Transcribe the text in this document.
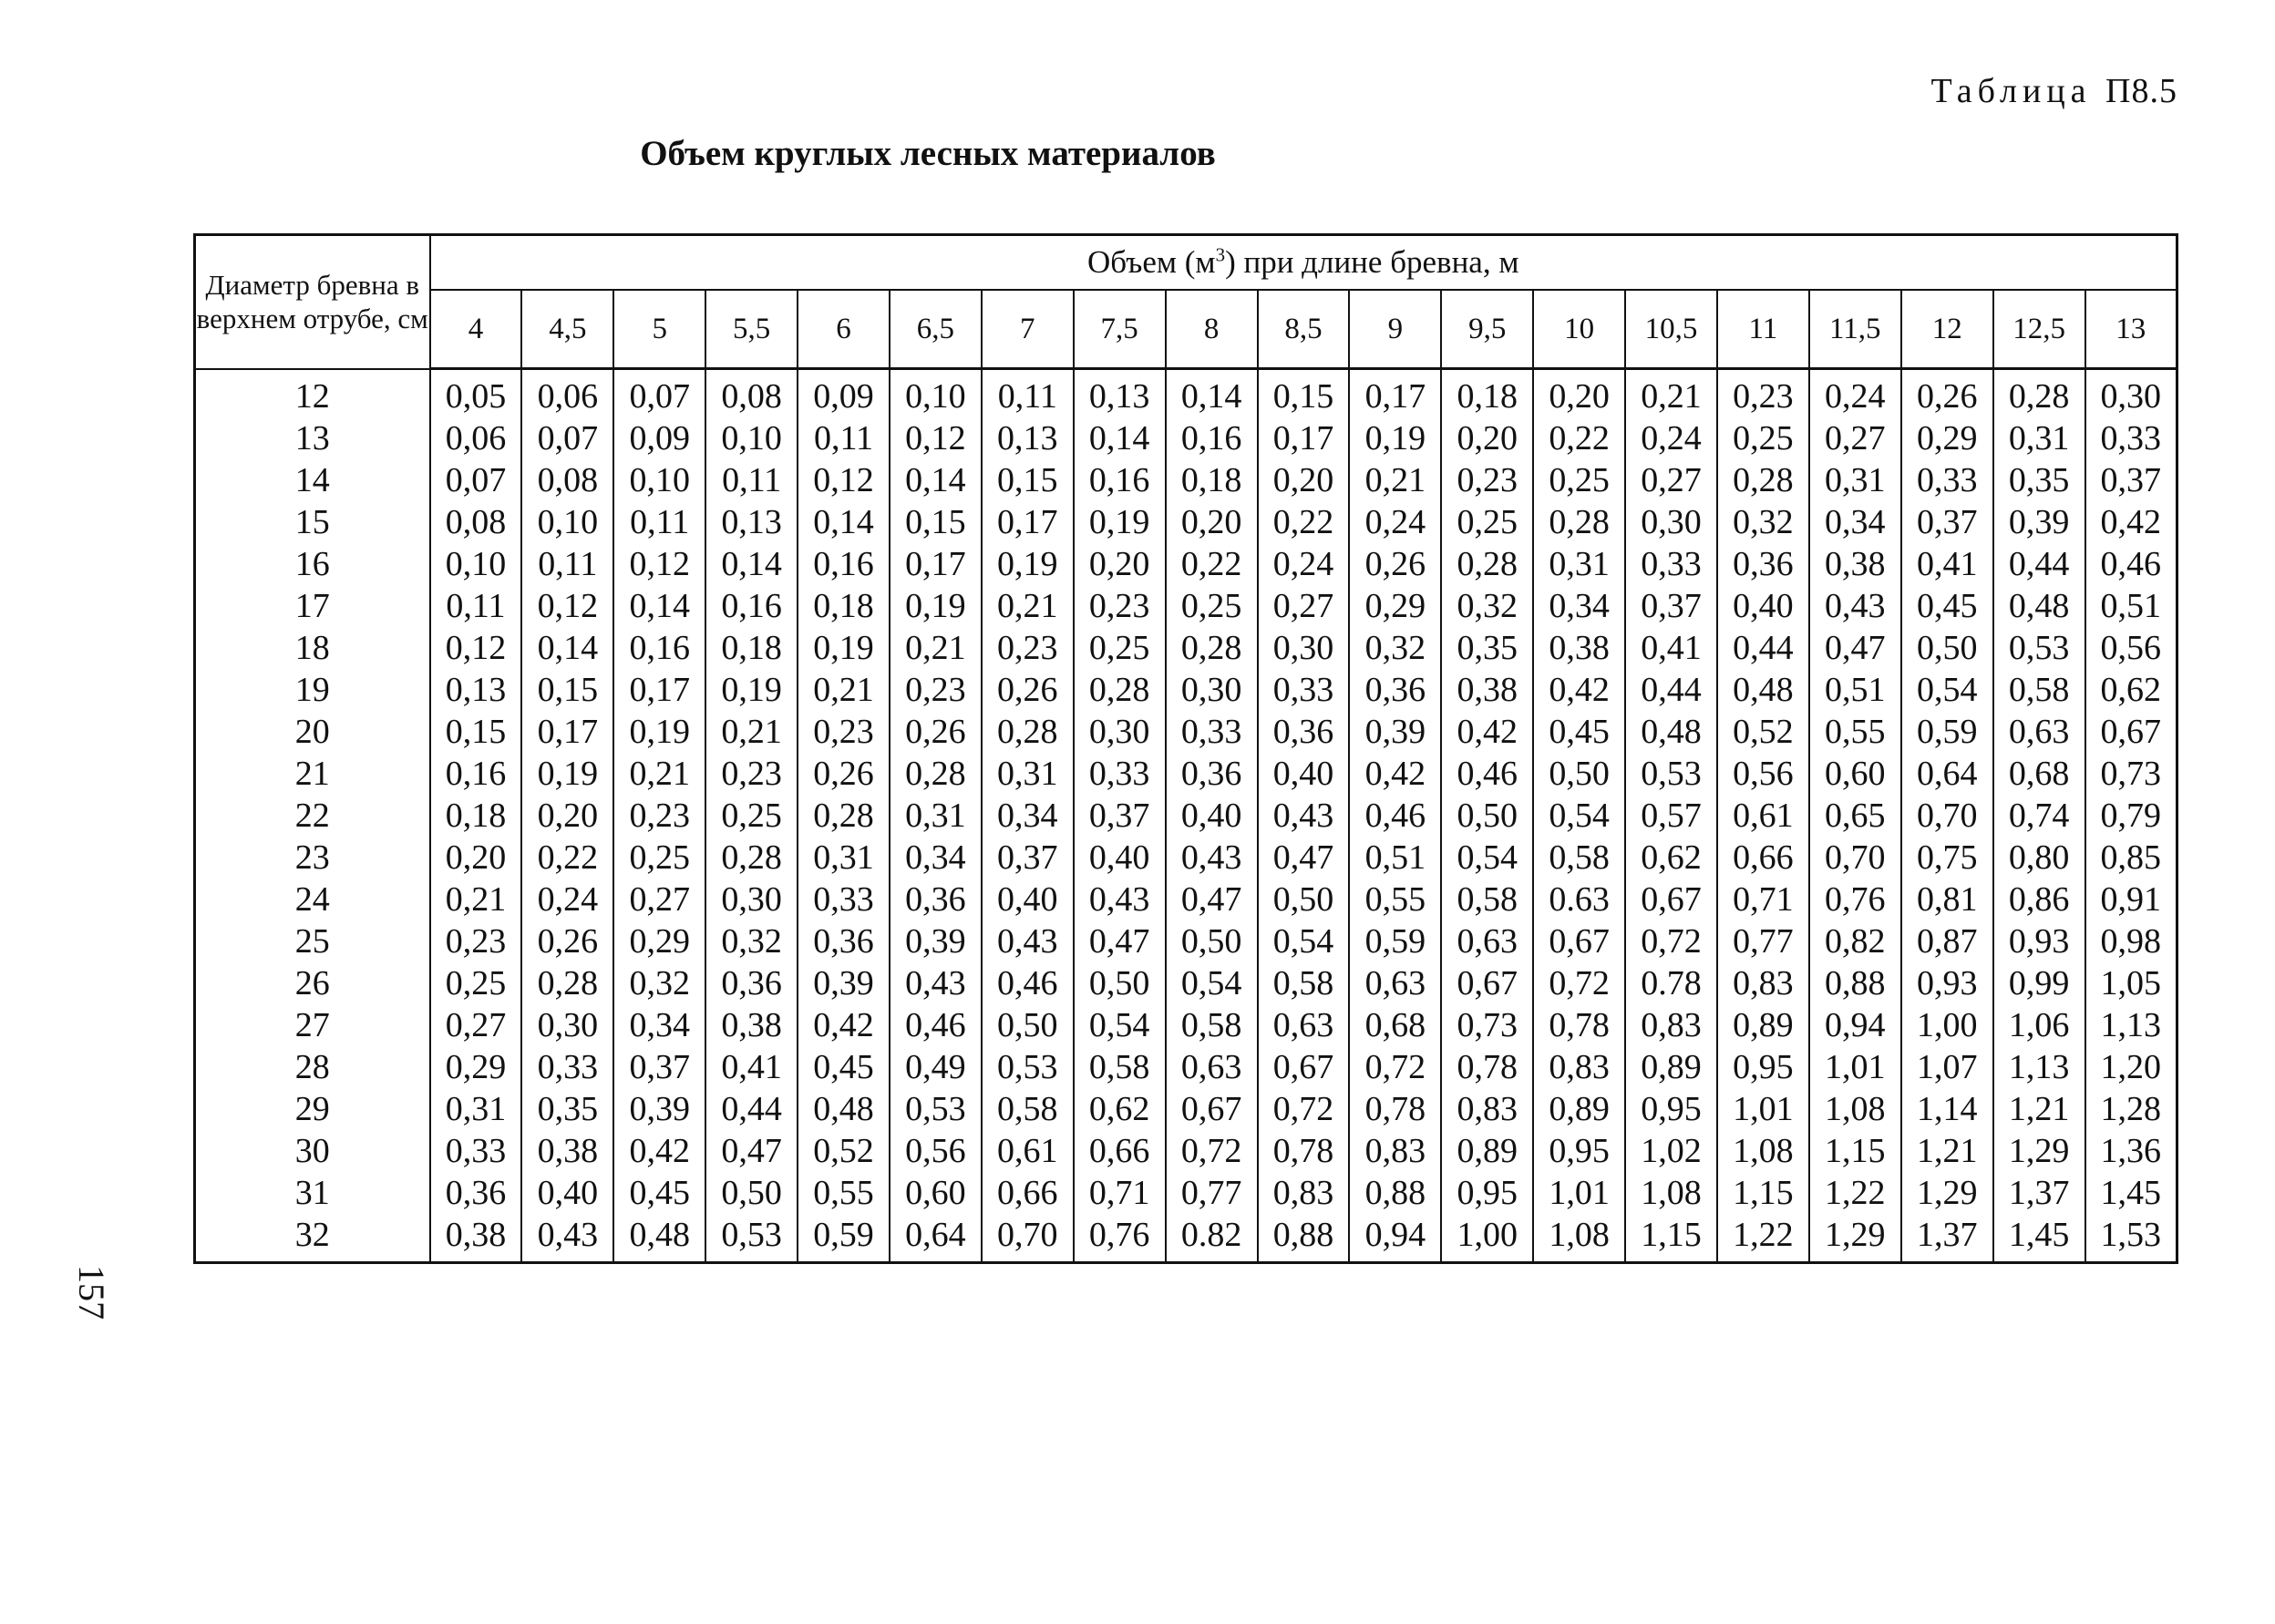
Таблица П8.5
Объем круглых лесных материалов
157
Диаметр бревна в верхнем отрубе, см	Объем $(м^3)$ при длине бревна, м																		
	4	4,5	5	5,5	6	6,5	7	7,5	8	8,5	9	9,5	10	10,5	11	11,5	12	12,5	13
12	0,05	0,06	0,07	0,08	0,09	0,10	0,11	0,13	0,14	0,15	0,17	0,18	0,20	0,21	0,23	0,24	0,26	0,28	0,30
13	0,06	0,07	0,09	0,10	0,11	0,12	0,13	0,14	0,16	0,17	0,19	0,20	0,22	0,24	0,25	0,27	0,29	0,31	0,33
14	0,07	0,08	0,10	0,11	0,12	0,14	0,15	0,16	0,18	0,20	0,21	0,23	0,25	0,27	0,28	0,31	0,33	0,35	0,37
15	0,08	0,10	0,11	0,13	0,14	0,15	0,17	0,19	0,20	0,22	0,24	0,25	0,28	0,30	0,32	0,34	0,37	0,39	0,42
16	0,10	0,11	0,12	0,14	0,16	0,17	0,19	0,20	0,22	0,24	0,26	0,28	0,31	0,33	0,36	0,38	0,41	0,44	0,46
17	0,11	0,12	0,14	0,16	0,18	0,19	0,21	0,23	0,25	0,27	0,29	0,32	0,34	0,37	0,40	0,43	0,45	0,48	0,51
18	0,12	0,14	0,16	0,18	0,19	0,21	0,23	0,25	0,28	0,30	0,32	0,35	0,38	0,41	0,44	0,47	0,50	0,53	0,56
19	0,13	0,15	0,17	0,19	0,21	0,23	0,26	0,28	0,30	0,33	0,36	0,38	0,42	0,44	0,48	0,51	0,54	0,58	0,62
20	0,15	0,17	0,19	0,21	0,23	0,26	0,28	0,30	0,33	0,36	0,39	0,42	0,45	0,48	0,52	0,55	0,59	0,63	0,67
21	0,16	0,19	0,21	0,23	0,26	0,28	0,31	0,33	0,36	0,40	0,42	0,46	0,50	0,53	0,56	0,60	0,64	0,68	0,73
22	0,18	0,20	0,23	0,25	0,28	0,31	0,34	0,37	0,40	0,43	0,46	0,50	0,54	0,57	0,61	0,65	0,70	0,74	0,79
23	0,20	0,22	0,25	0,28	0,31	0,34	0,37	0,40	0,43	0,47	0,51	0,54	0,58	0,62	0,66	0,70	0,75	0,80	0,85
24	0,21	0,24	0,27	0,30	0,33	0,36	0,40	0,43	0,47	0,50	0,55	0,58	0.63	0,67	0,71	0,76	0,81	0,86	0,91
25	0,23	0,26	0,29	0,32	0,36	0,39	0,43	0,47	0,50	0,54	0,59	0,63	0,67	0,72	0,77	0,82	0,87	0,93	0,98
26	0,25	0,28	0,32	0,36	0,39	0,43	0,46	0,50	0,54	0,58	0,63	0,67	0,72	0.78	0,83	0,88	0,93	0,99	1,05
27	0,27	0,30	0,34	0,38	0,42	0,46	0,50	0,54	0,58	0,63	0,68	0,73	0,78	0,83	0,89	0,94	1,00	1,06	1,13
28	0,29	0,33	0,37	0,41	0,45	0,49	0,53	0,58	0,63	0,67	0,72	0,78	0,83	0,89	0,95	1,01	1,07	1,13	1,20
29	0,31	0,35	0,39	0,44	0,48	0,53	0,58	0,62	0,67	0,72	0,78	0,83	0,89	0,95	1,01	1,08	1,14	1,21	1,28
30	0,33	0,38	0,42	0,47	0,52	0,56	0,61	0,66	0,72	0,78	0,83	0,89	0,95	1,02	1,08	1,15	1,21	1,29	1,36
31	0,36	0,40	0,45	0,50	0,55	0,60	0,66	0,71	0,77	0,83	0,88	0,95	1,01	1,08	1,15	1,22	1,29	1,37	1,45
32	0,38	0,43	0,48	0,53	0,59	0,64	0,70	0,76	0.82	0,88	0,94	1,00	1,08	1,15	1,22	1,29	1,37	1,45	1,53
